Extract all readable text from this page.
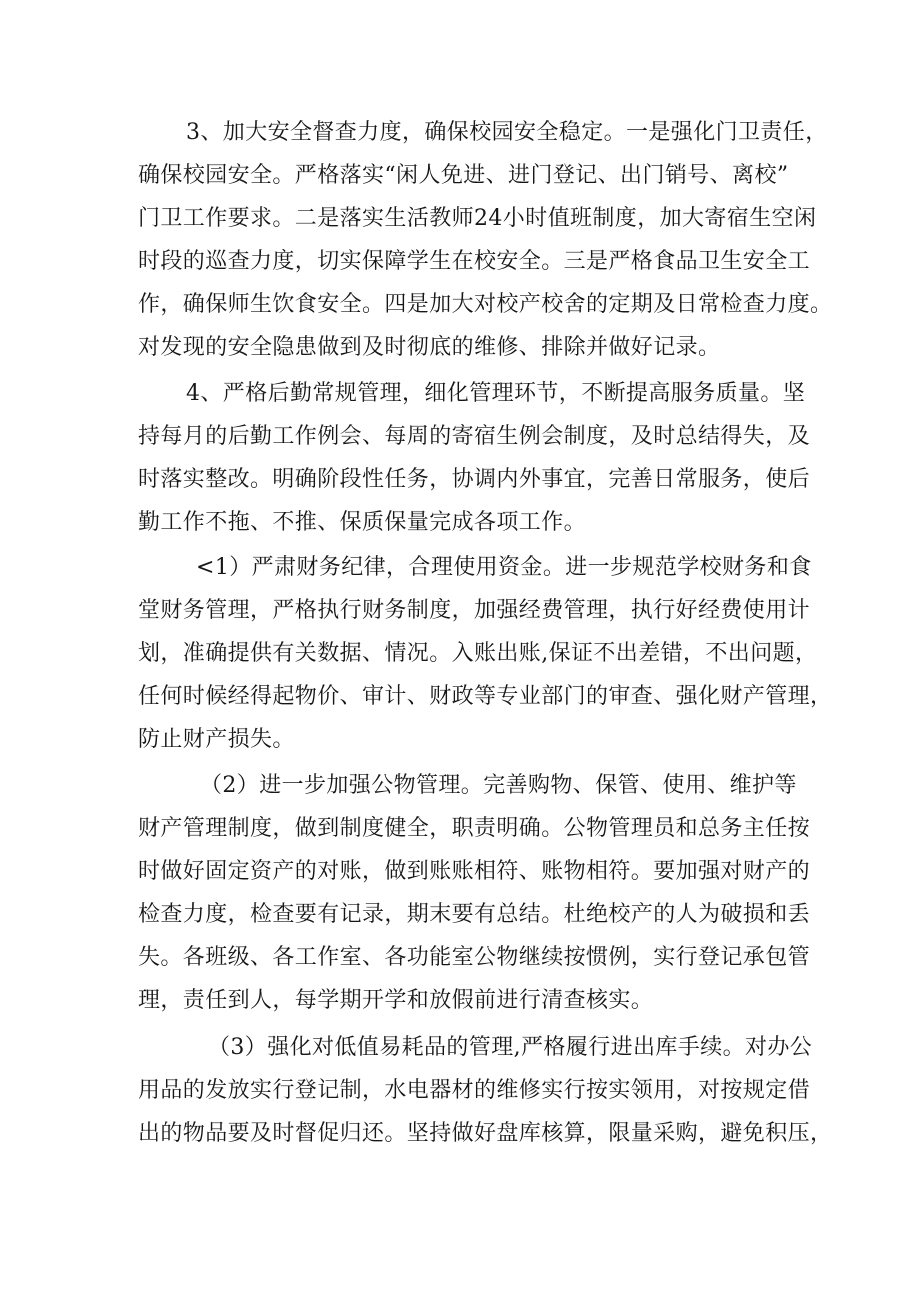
3、加大安全督查力度，确保校园安全稳定。一是强化门卫责任，
确保校园安全。严格落实“闲人免进、进门登记、出门销号、离校”
门卫工作要求。二是落实生活教师24小时值班制度，加大寄宿生空闲
时段的巡查力度，切实保障学生在校安全。三是严格食品卫生安全工
作，确保师生饮食安全。四是加大对校产校舍的定期及日常检查力度。
对发现的安全隐患做到及时彻底的维修、排除并做好记录。
4、严格后勤常规管理，细化管理环节，不断提高服务质量。坚
持每月的后勤工作例会、每周的寄宿生例会制度，及时总结得失，及
时落实整改。明确阶段性任务，协调内外事宜，完善日常服务，使后
勤工作不拖、不推、保质保量完成各项工作。
<1）严肃财务纪律，合理使用资金。进一步规范学校财务和食
堂财务管理，严格执行财务制度，加强经费管理，执行好经费使用计
划，准确提供有关数据、情况。入账出账,保证不出差错，不出问题，
任何时候经得起物价、审计、财政等专业部门的审查、强化财产管理，
防止财产损失。
（2）进一步加强公物管理。完善购物、保管、使用、维护等
财产管理制度，做到制度健全，职责明确。公物管理员和总务主任按
时做好固定资产的对账，做到账账相符、账物相符。要加强对财产的
检查力度，检查要有记录，期末要有总结。杜绝校产的人为破损和丢
失。各班级、各工作室、各功能室公物继续按惯例，实行登记承包管
理，责任到人，每学期开学和放假前进行清查核实。
（3）强化对低值易耗品的管理,严格履行进出库手续。对办公
用品的发放实行登记制，水电器材的维修实行按实领用，对按规定借
出的物品要及时督促归还。坚持做好盘库核算，限量采购，避免积压，
